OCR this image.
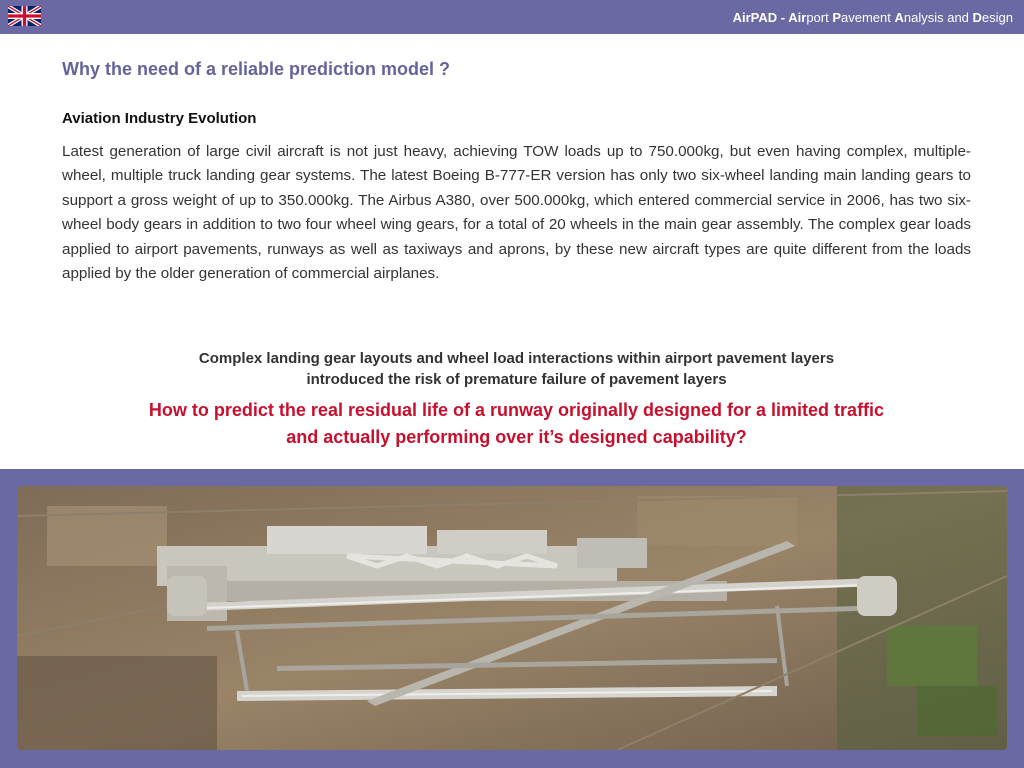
AirPAD - Airport Pavement Analysis and Design
Why the need of a reliable prediction model ?
Aviation Industry Evolution

Latest generation of large civil aircraft is not just heavy, achieving TOW loads up to 750.000kg, but even having complex, multiple-wheel, multiple truck landing gear systems. The latest Boeing B-777-ER version has only two six-wheel landing main landing gears to support a gross weight of up to 350.000kg. The Airbus A380, over 500.000kg, which entered commercial service in 2006, has two six-wheel body gears in addition to two four wheel wing gears, for a total of 20 wheels in the main gear assembly. The complex gear loads applied to airport pavements, runways as well as taxiways and aprons, by these new aircraft types are quite different from the loads applied by the older generation of commercial airplanes.

Complex landing gear layouts and wheel load interactions within airport pavement layers
introduced the risk of premature failure of pavement layers
How to predict the real residual life of a runway originally designed for a limited traffic
and actually performing over it’s designed capability?
